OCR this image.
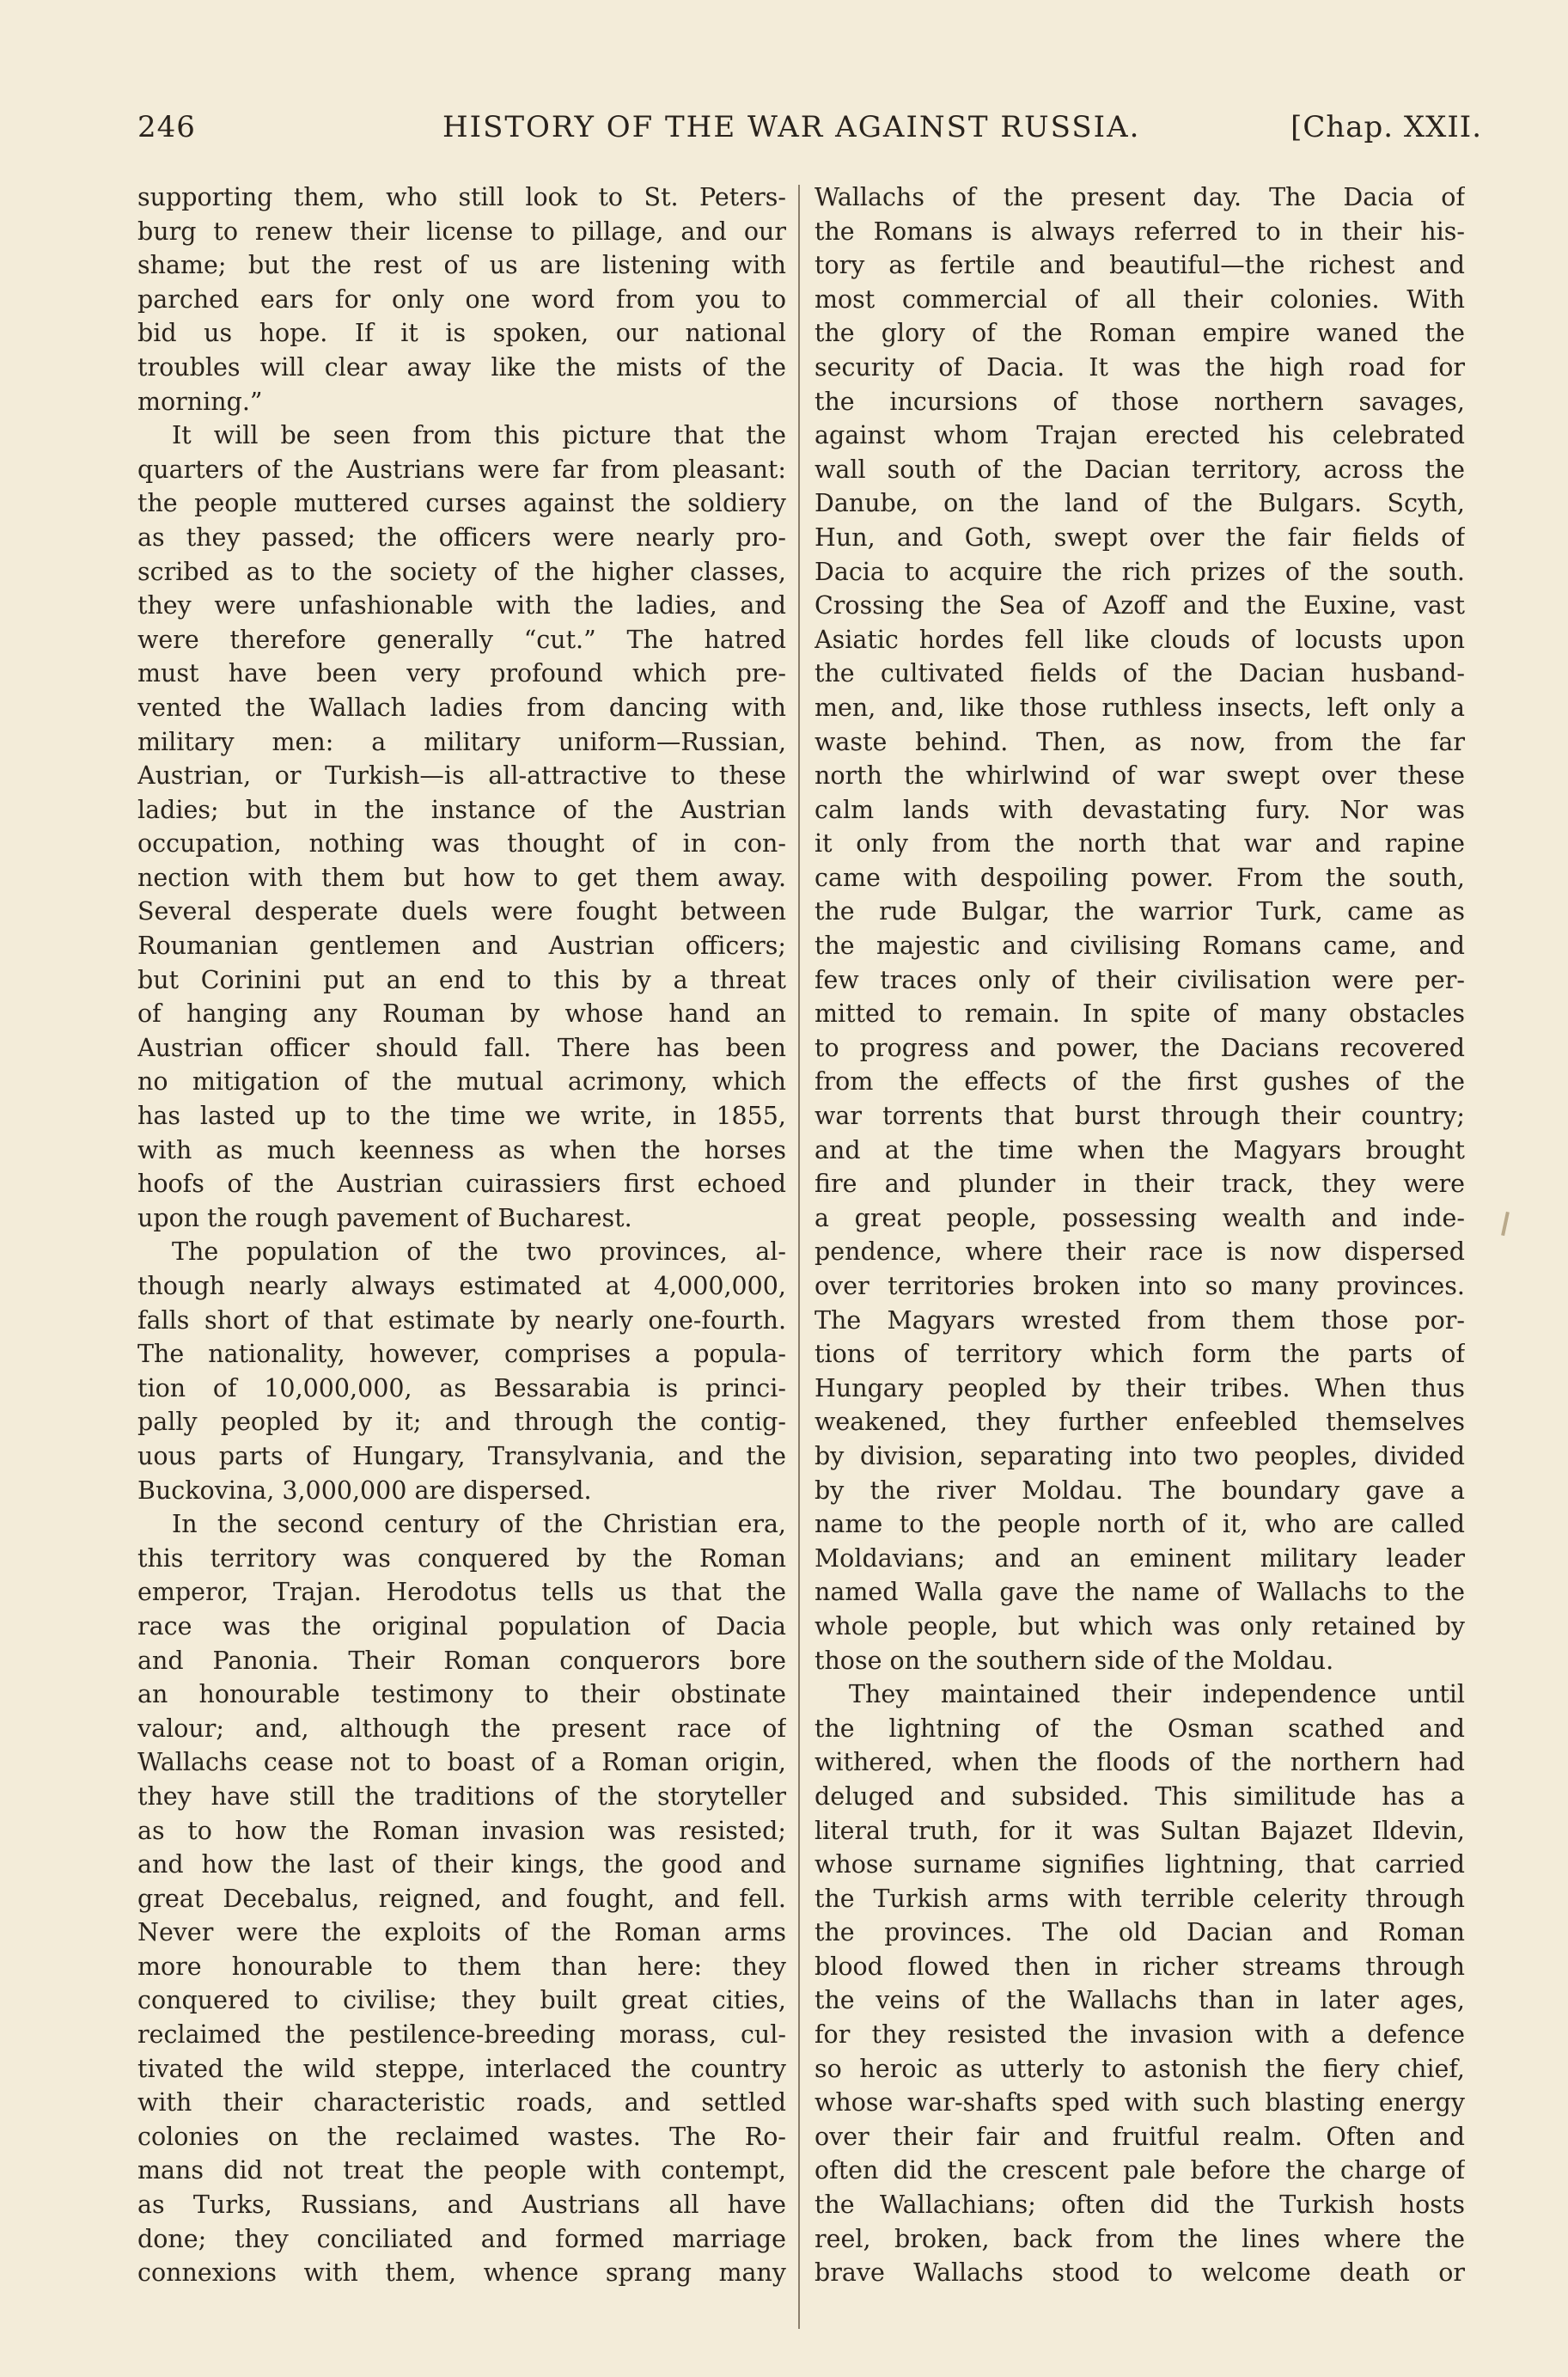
246	HISTORY OF THE WAR AGAINST RUSSIA.	[Chap. XXII.
supporting them, who still look to St. Peters-
burg to renew their license to pillage, and our
shame; but the rest of us are listening with
parched ears for only one word from you to
bid us hope. If it is spoken, our national
troubles will clear away like the mists of the
morning.”
It will be seen from this picture that the
quarters of the Austrians were far from pleasant:
the people muttered curses against the soldiery
as they passed; the officers were nearly pro-
scribed as to the society of the higher classes,
they were unfashionable with the ladies, and
were therefore generally “cut.” The hatred
must have been very profound which pre-
vented the Wallach ladies from dancing with
military men: a military uniform—Russian,
Austrian, or Turkish—is all-attractive to these
ladies; but in the instance of the Austrian
occupation, nothing was thought of in con-
nection with them but how to get them away.
Several desperate duels were fought between
Roumanian gentlemen and Austrian officers;
but Corinini put an end to this by a threat
of hanging any Rouman by whose hand an
Austrian officer should fall. There has been
no mitigation of the mutual acrimony, which
has lasted up to the time we write, in 1855,
with as much keenness as when the horses
hoofs of the Austrian cuirassiers first echoed
upon the rough pavement of Bucharest.
The population of the two provinces, al-
though nearly always estimated at 4,000,000,
falls short of that estimate by nearly one-fourth.
The nationality, however, comprises a popula-
tion of 10,000,000, as Bessarabia is princi-
pally peopled by it; and through the contig-
uous parts of Hungary, Transylvania, and the
Buckovina, 3,000,000 are dispersed.
In the second century of the Christian era,
this territory was conquered by the Roman
emperor, Trajan. Herodotus tells us that the
race was the original population of Dacia
and Panonia. Their Roman conquerors bore
an honourable testimony to their obstinate
valour; and, although the present race of
Wallachs cease not to boast of a Roman origin,
they have still the traditions of the storyteller
as to how the Roman invasion was resisted;
and how the last of their kings, the good and
great Decebalus, reigned, and fought, and fell.
Never were the exploits of the Roman arms
more honourable to them than here: they
conquered to civilise; they built great cities,
reclaimed the pestilence-breeding morass, cul-
tivated the wild steppe, interlaced the country
with their characteristic roads, and settled
colonies on the reclaimed wastes. The Ro-
mans did not treat the people with contempt,
as Turks, Russians, and Austrians all have
done; they conciliated and formed marriage
connexions with them, whence sprang many
Wallachs of the present day. The Dacia of
the Romans is always referred to in their his-
tory as fertile and beautiful—the richest and
most commercial of all their colonies. With
the glory of the Roman empire waned the
security of Dacia. It was the high road for
the incursions of those northern savages,
against whom Trajan erected his celebrated
wall south of the Dacian territory, across the
Danube, on the land of the Bulgars. Scyth,
Hun, and Goth, swept over the fair fields of
Dacia to acquire the rich prizes of the south.
Crossing the Sea of Azoff and the Euxine, vast
Asiatic hordes fell like clouds of locusts upon
the cultivated fields of the Dacian husband-
men, and, like those ruthless insects, left only a
waste behind. Then, as now, from the far
north the whirlwind of war swept over these
calm lands with devastating fury. Nor was
it only from the north that war and rapine
came with despoiling power. From the south,
the rude Bulgar, the warrior Turk, came as
the majestic and civilising Romans came, and
few traces only of their civilisation were per-
mitted to remain. In spite of many obstacles
to progress and power, the Dacians recovered
from the effects of the first gushes of the
war torrents that burst through their country;
and at the time when the Magyars brought
fire and plunder in their track, they were
a great people, possessing wealth and inde-
pendence, where their race is now dispersed
over territories broken into so many provinces.
The Magyars wrested from them those por-
tions of territory which form the parts of
Hungary peopled by their tribes. When thus
weakened, they further enfeebled themselves
by division, separating into two peoples, divided
by the river Moldau. The boundary gave a
name to the people north of it, who are called
Moldavians; and an eminent military leader
named Walla gave the name of Wallachs to the
whole people, but which was only retained by
those on the southern side of the Moldau.
They maintained their independence until
the lightning of the Osman scathed and
withered, when the floods of the northern had
deluged and subsided. This similitude has a
literal truth, for it was Sultan Bajazet Ildevin,
whose surname signifies lightning, that carried
the Turkish arms with terrible celerity through
the provinces. The old Dacian and Roman
blood flowed then in richer streams through
the veins of the Wallachs than in later ages,
for they resisted the invasion with a defence
so heroic as utterly to astonish the fiery chief,
whose war-shafts sped with such blasting energy
over their fair and fruitful realm. Often and
often did the crescent pale before the charge of
the Wallachians; often did the Turkish hosts
reel, broken, back from the lines where the
brave Wallachs stood to welcome death or
